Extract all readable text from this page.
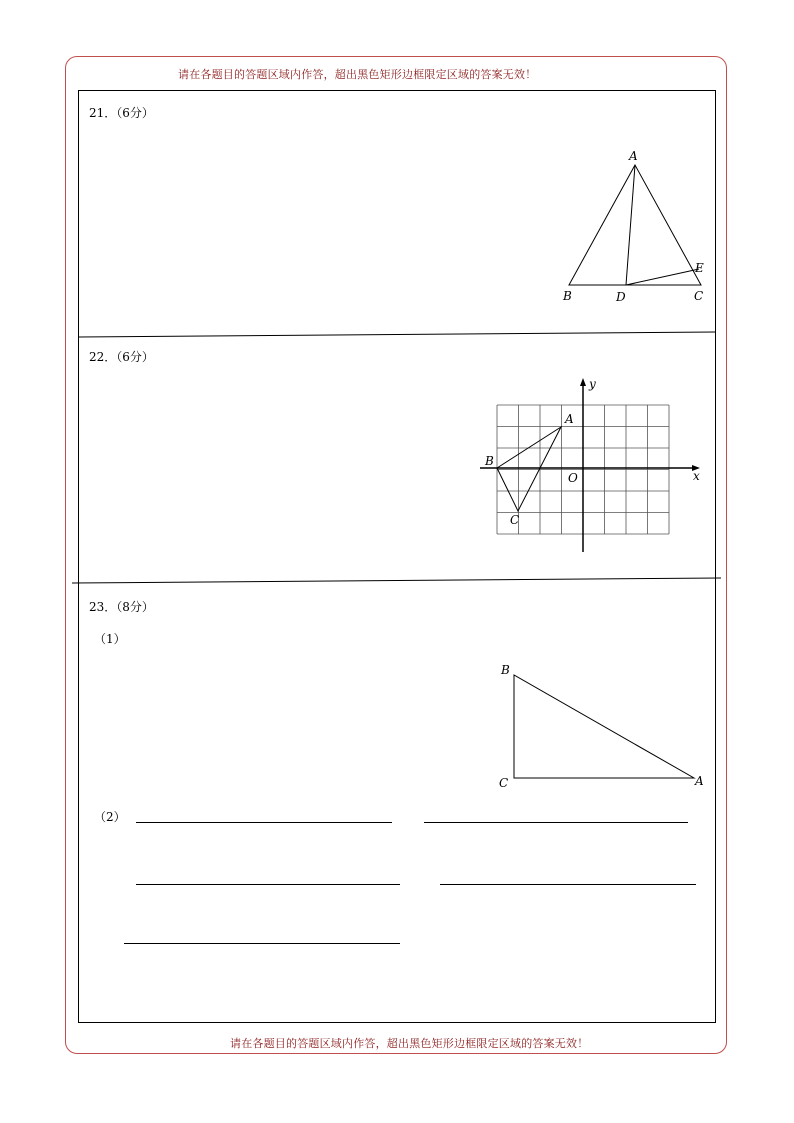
请在各题目的答题区域内作答，超出黑色矩形边框限定区域的答案无效！
21．（6分）
A
B	C
D
E
22．（6分）
A
B
C
O	x
y
23．（8分）
（1）
B
C	A
（2）
请在各题目的答题区域内作答，超出黑色矩形边框限定区域的答案无效！
